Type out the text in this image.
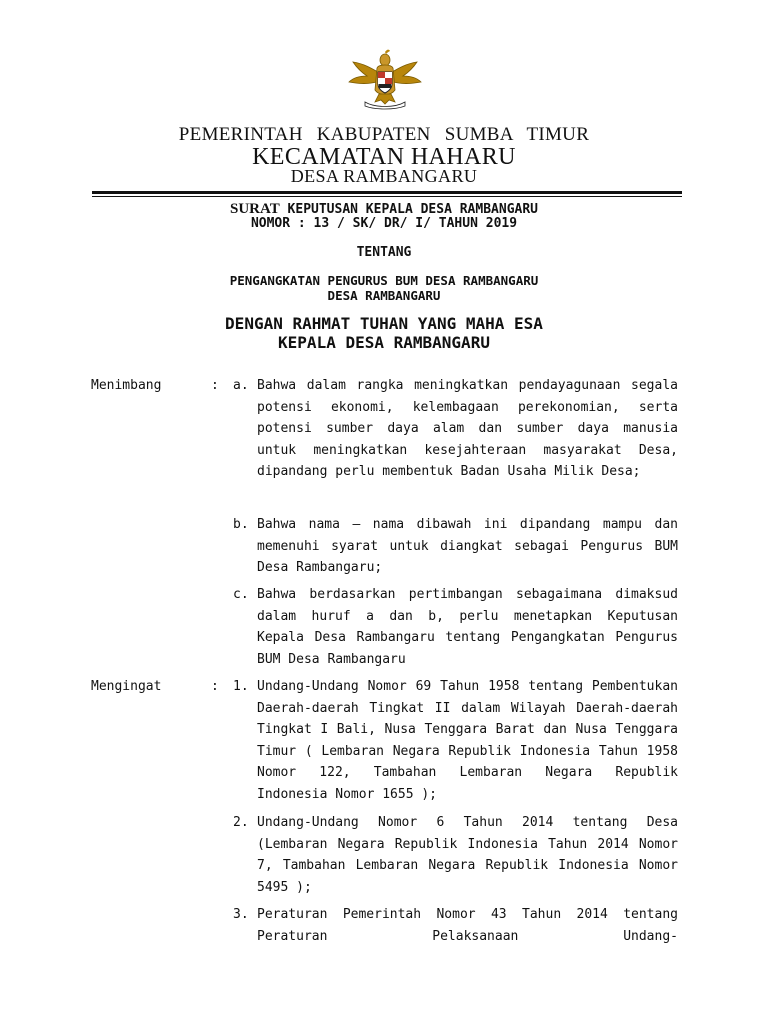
PEMERINTAH KABUPATEN SUMBA TIMUR
KECAMATAN HAHARU
DESA RAMBANGARU
SURAT KEPUTUSAN KEPALA DESA RAMBANGARU
NOMOR : 13 / SK/ DR/ I/ TAHUN 2019
TENTANG
PENGANGKATAN PENGURUS BUM DESA RAMBANGARU
DESA RAMBANGARU
DENGAN RAHMAT TUHAN YANG MAHA ESA
KEPALA DESA RAMBANGARU
Menimbang	: a. Bahwa dalam rangka meningkatkan pendayagunaan segala potensi ekonomi, kelembagaan perekonomian, serta potensi sumber daya alam dan sumber daya manusia untuk meningkatkan kesejahteraan masyarakat Desa, dipandang perlu membentuk Badan Usaha Milik Desa;

b. Bahwa nama – nama dibawah ini dipandang mampu dan memenuhi syarat untuk diangkat sebagai Pengurus BUM Desa Rambangaru;

c. Bahwa berdasarkan pertimbangan sebagaimana dimaksud dalam huruf a dan b, perlu menetapkan Keputusan Kepala Desa Rambangaru tentang Pengangkatan Pengurus BUM Desa Rambangaru

Mengingat	: 1. Undang-Undang Nomor 69 Tahun 1958 tentang Pembentukan Daerah-daerah Tingkat II dalam Wilayah Daerah-daerah Tingkat I Bali, Nusa Tenggara Barat dan Nusa Tenggara Timur ( Lembaran Negara Republik Indonesia Tahun 1958 Nomor 122, Tambahan Lembaran Negara Republik Indonesia Nomor 1655 );

2. Undang-Undang Nomor 6 Tahun 2014 tentang Desa (Lembaran Negara Republik Indonesia Tahun 2014 Nomor 7, Tambahan Lembaran Negara Republik Indonesia Nomor 5495 );

3. Peraturan Pemerintah Nomor 43 Tahun 2014 tentang Peraturan Pelaksanaan Undang-
